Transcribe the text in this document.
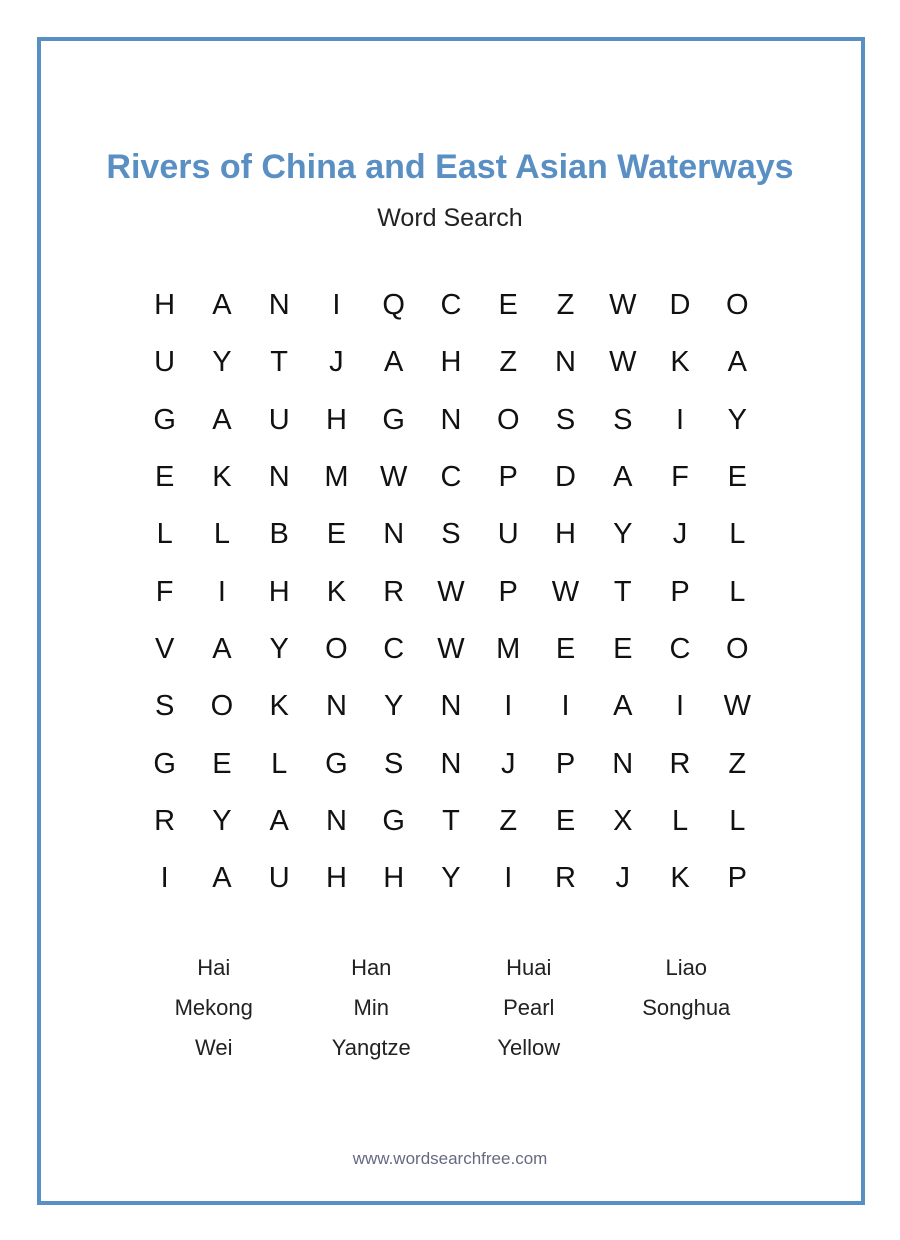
Rivers of China and East Asian Waterways
Word Search
H	A	N	I	Q	C	E	Z	W	D	O
U	Y	T	J	A	H	Z	N	W	K	A
G	A	U	H	G	N	O	S	S	I	Y
E	K	N	M	W	C	P	D	A	F	E
L	L	B	E	N	S	U	H	Y	J	L
F	I	H	K	R	W	P	W	T	P	L
V	A	Y	O	C	W	M	E	E	C	O
S	O	K	N	Y	N	I	I	A	I	W
G	E	L	G	S	N	J	P	N	R	Z
R	Y	A	N	G	T	Z	E	X	L	L
I	A	U	H	H	Y	I	R	J	K	P
Hai	Han	Huai	Liao
Mekong	Min	Pearl	Songhua
Wei	Yangtze	Yellow
www.wordsearchfree.com
